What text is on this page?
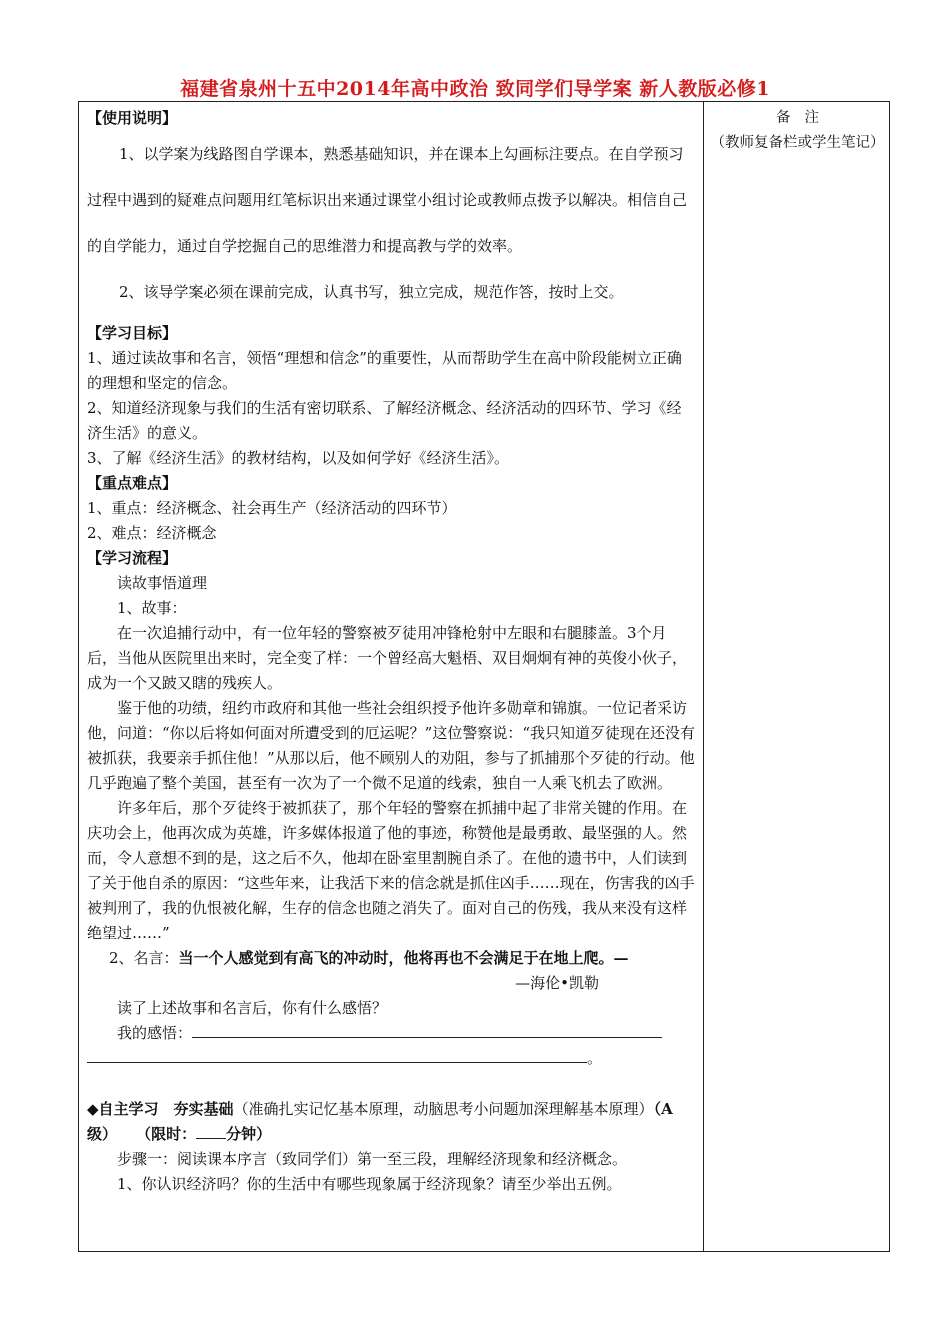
福建省泉州十五中2014年高中政治 致同学们导学案 新人教版必修1

【使用说明】

1、以学案为线路图自学课本，熟悉基础知识，并在课本上勾画标注要点。在自学预习过程中遇到的疑难点问题用红笔标识出来通过课堂小组讨论或教师点拨予以解决。相信自己的自学能力，通过自学挖掘自己的思维潜力和提高教与学的效率。

2、该导学案必须在课前完成，认真书写，独立完成，规范作答，按时上交。

【学习目标】

1、通过读故事和名言，领悟“理想和信念”的重要性，从而帮助学生在高中阶段能树立正确的理想和坚定的信念。

2、知道经济现象与我们的生活有密切联系、了解经济概念、经济活动的四环节、学习《经济生活》的意义。

3、了解《经济生活》的教材结构，以及如何学好《经济生活》。

【重点难点】

1、重点：经济概念、社会再生产（经济活动的四环节）

2、难点：经济概念

【学习流程】

读故事悟道理

1、故事：

在一次追捕行动中，有一位年轻的警察被歹徒用冲锋枪射中左眼和右腿膝盖。3个月后，当他从医院里出来时，完全变了样：一个曾经高大魁梧、双目炯炯有神的英俊小伙子，成为一个又跛又瞎的残疾人。

鉴于他的功绩，纽约市政府和其他一些社会组织授予他许多勋章和锦旗。一位记者采访他，问道：“你以后将如何面对所遭受到的厄运呢？”这位警察说：“我只知道歹徒现在还没有被抓获，我要亲手抓住他！”从那以后，他不顾别人的劝阻，参与了抓捕那个歹徒的行动。他几乎跑遍了整个美国，甚至有一次为了一个微不足道的线索，独自一人乘飞机去了欧洲。

许多年后，那个歹徒终于被抓获了，那个年轻的警察在抓捕中起了非常关键的作用。在庆功会上，他再次成为英雄，许多媒体报道了他的事迹，称赞他是最勇敢、最坚强的人。然而，令人意想不到的是，这之后不久，他却在卧室里割腕自杀了。在他的遗书中，人们读到了关于他自杀的原因：“这些年来，让我活下来的信念就是抓住凶手……现在，伤害我的凶手被判刑了，我的仇恨被化解，生存的信念也随之消失了。面对自己的伤残，我从来没有这样绝望过……”

2、名言：当一个人感觉到有高飞的冲动时，他将再也不会满足于在地上爬。—

—海伦•凯勒

读了上述故事和名言后，你有什么感悟？

我的感悟：

。

◆自主学习　夯实基础（准确扎实记忆基本原理，动脑思考小问题加深理解基本原理）（A级） （限时： 分钟）

步骤一：阅读课本序言（致同学们）第一至三段，理解经济现象和经济概念。

1、你认识经济吗？你的生活中有哪些现象属于经济现象？请至少举出五例。

备注

（教师复备栏或学生笔记）
